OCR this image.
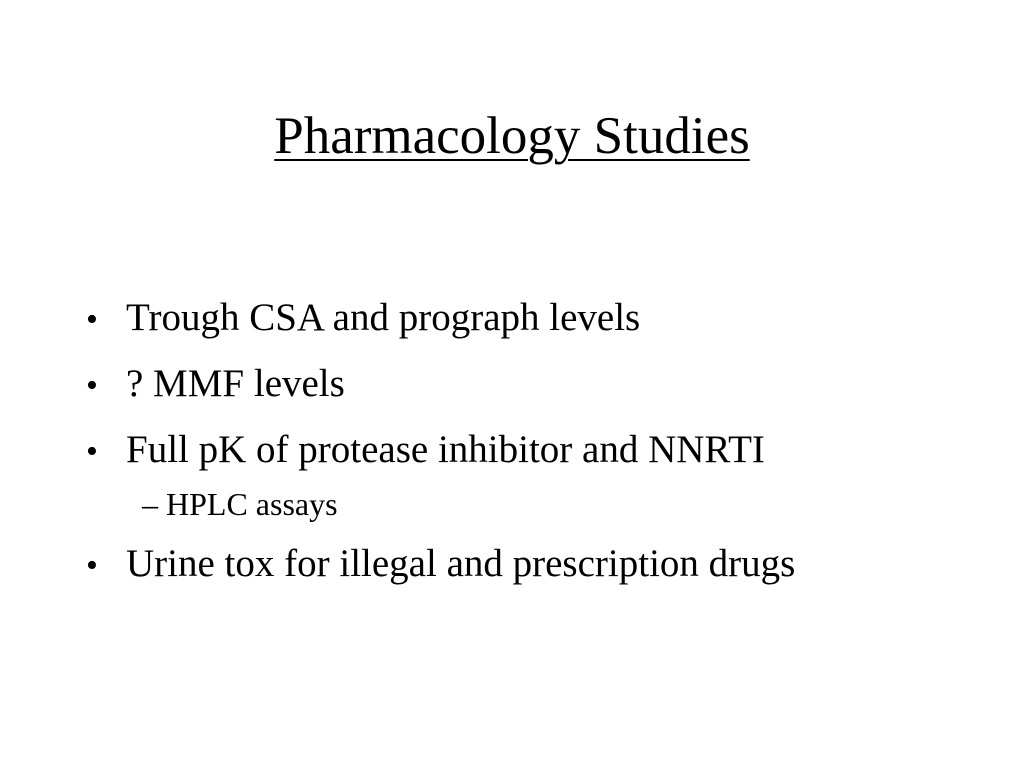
Pharmacology Studies
• Trough CSA and prograph levels
• ? MMF levels
• Full pK of protease inhibitor and NNRTI
– HPLC assays
• Urine tox for illegal and prescription drugs
